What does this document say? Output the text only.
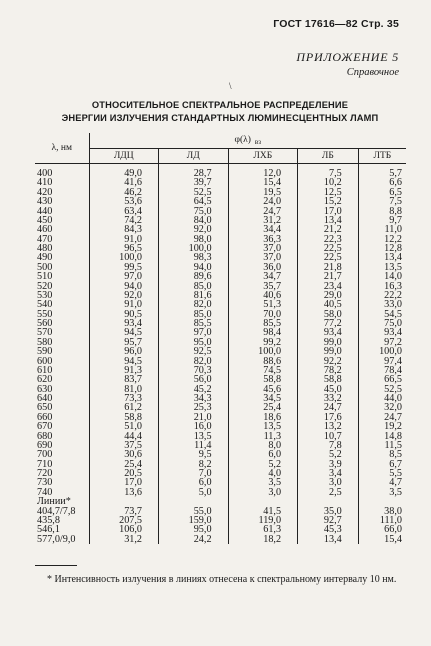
ГОСТ 17616—82 Стр. 35
ПРИЛОЖЕНИЕ 5
Справочное
\
ОТНОСИТЕЛЬНОЕ СПЕКТРАЛЬНОЕ РАСПРЕДЕЛЕНИЕ
ЭНЕРГИИ ИЗЛУЧЕНИЯ СТАНДАРТНЫХ ЛЮМИНЕСЦЕНТНЫХ ЛАМП
λ, нм	φ(λ) $_{вз}$
	ЛДЦ	ЛД	ЛХБ	ЛБ	ЛТБ

400	49,0	28,7	12,0	7,5	5,7
410	41,6	39,7	15,4	10,2	6,6
420	46,2	52,5	19,5	12,5	6,5
430	53,6	64,5	24,0	15,2	7,5
440	63,4	75,0	24,7	17,0	8,8
450	74,2	84,0	31,2	13,4	9,7
460	84,3	92,0	34,4	21,2	11,0
470	91,0	98,0	36,3	22,3	12,2
480	96,5	100,0	37,0	22,5	12,8
490	100,0	98,3	37,0	22,5	13,4
500	99,5	94,0	36,0	21,8	13,5
510	97,0	89,6	34,7	21,7	14,0
520	94,0	85,0	35,7	23,4	16,3
530	92,0	81,6	40,6	29,0	22,2
540	91,0	82,0	51,3	40,5	33,0
550	90,5	85,0	70,0	58,0	54,5
560	93,4	85,5	85,5	77,2	75,0
570	94,5	97,0	98,4	93,4	93,4
580	95,7	95,0	99,2	99,0	97,2
590	96,0	92,5	100,0	99,0	100,0
600	94,5	82,0	88,6	92,2	97,4
610	91,3	70,3	74,5	78,2	78,4
620	83,7	56,0	58,8	58,8	66,5
630	81,0	45,2	45,6	45,0	52,5
640	73,3	34,3	34,5	33,2	44,0
650	61,2	25,3	25,4	24,7	32,0
660	58,8	21,0	18,6	17,6	24,7
670	51,0	16,0	13,5	13,2	19,2
680	44,4	13,5	11,3	10,7	14,8
690	37,5	11,4	8,0	7,8	11,5
700	30,6	9,5	6,0	5,2	8,5
710	25,4	8,2	5,2	3,9	6,7
720	20,5	7,0	4,0	3,4	5,5
730	17,0	6,0	3,5	3,0	4,7
740	13,6	5,0	3,0	2,5	3,5
Линии*					
404,7/7,8	73,7	55,0	41,5	35,0	38,0
435,8	207,5	159,0	119,0	92,7	111,0
546,1	106,0	95,0	61,3	45,3	66,0
577,0/9,0	31,2	24,2	18,2	13,4	15,4
* Интенсивность излучения в линиях отнесена к спектральному интервалу 10 нм.
